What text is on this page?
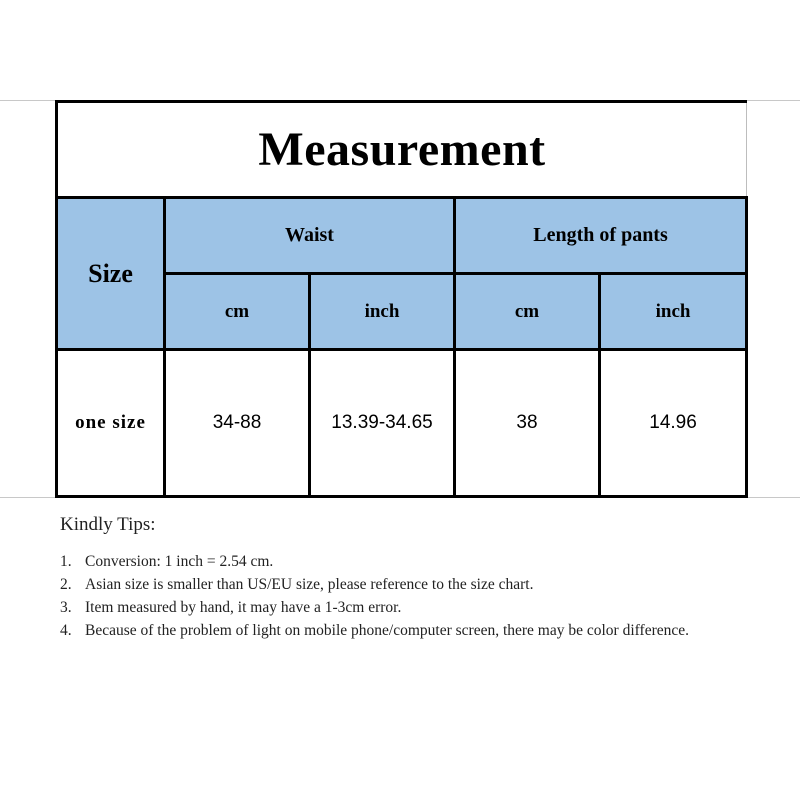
Measurement				
Size	Waist		Length of pants	
	cm	inch	cm	inch
one size	34-88	13.39-34.65	38	14.96
Kindly Tips:
1. Conversion: 1 inch = 2.54 cm.
2. Asian size is smaller than US/EU size, please reference to the size chart.
3. Item measured by hand, it may have a 1-3cm error.
4. Because of the problem of light on mobile phone/computer screen, there may be color difference.
